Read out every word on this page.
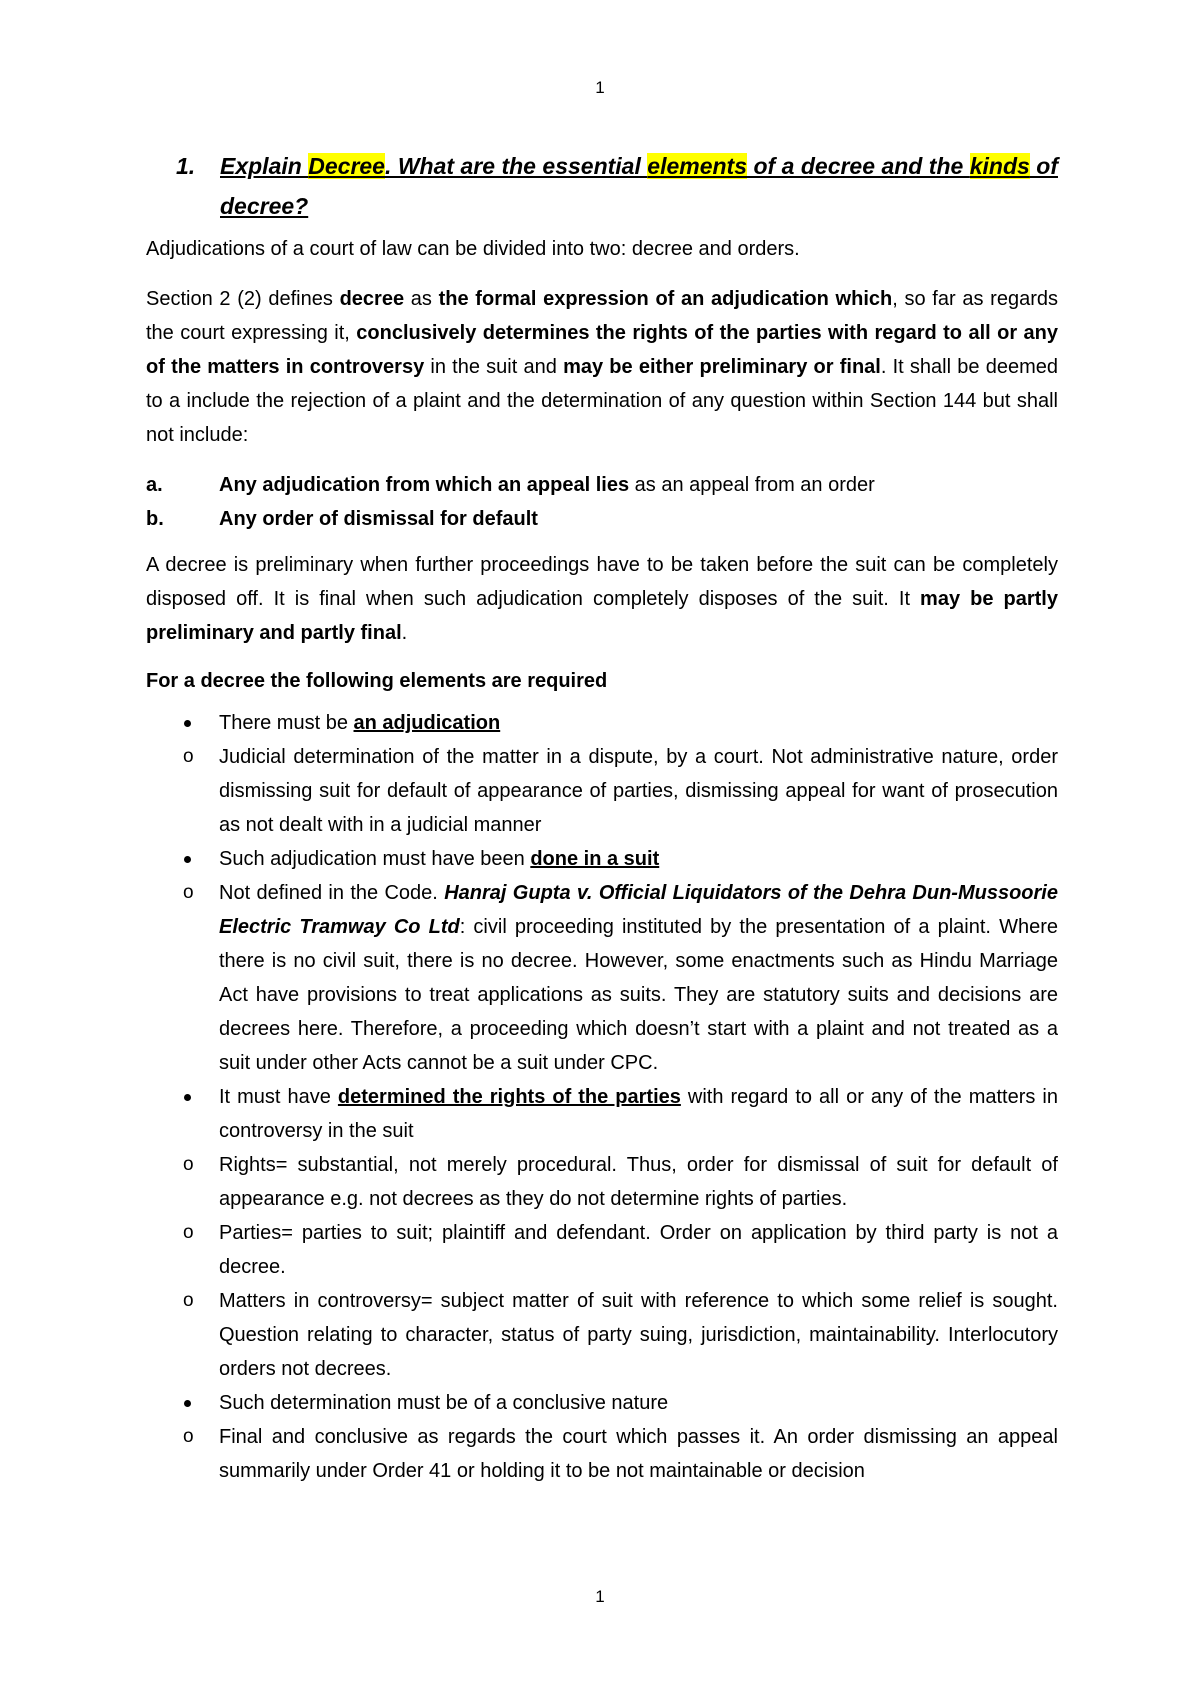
1
1. Explain Decree. What are the essential elements of a decree and the kinds of decree?

Adjudications of a court of law can be divided into two: decree and orders.

Section 2 (2) defines decree as the formal expression of an adjudication which, so far as regards the court expressing it, conclusively determines the rights of the parties with regard to all or any of the matters in controversy in the suit and may be either preliminary or final. It shall be deemed to a include the rejection of a plaint and the determination of any question within Section 144 but shall not include:

a.	Any adjudication from which an appeal lies as an appeal from an order
b.	Any order of dismissal for default

A decree is preliminary when further proceedings have to be taken before the suit can be completely disposed off. It is final when such adjudication completely disposes of the suit. It may be partly preliminary and partly final.

For a decree the following elements are required

There must be an adjudication
Judicial determination of the matter in a dispute, by a court. Not administrative nature, order dismissing suit for default of appearance of parties, dismissing appeal for want of prosecution as not dealt with in a judicial manner
Such adjudication must have been done in a suit
Not defined in the Code. Hanraj Gupta v. Official Liquidators of the Dehra Dun-Mussoorie Electric Tramway Co Ltd: civil proceeding instituted by the presentation of a plaint. Where there is no civil suit, there is no decree. However, some enactments such as Hindu Marriage Act have provisions to treat applications as suits. They are statutory suits and decisions are decrees here. Therefore, a proceeding which doesn’t start with a plaint and not treated as a suit under other Acts cannot be a suit under CPC.
It must have determined the rights of the parties with regard to all or any of the matters in controversy in the suit
Rights= substantial, not merely procedural. Thus, order for dismissal of suit for default of appearance e.g. not decrees as they do not determine rights of parties.
Parties= parties to suit; plaintiff and defendant. Order on application by third party is not a decree.
Matters in controversy= subject matter of suit with reference to which some relief is sought. Question relating to character, status of party suing, jurisdiction, maintainability. Interlocutory orders not decrees.
Such determination must be of a conclusive nature
Final and conclusive as regards the court which passes it. An order dismissing an appeal summarily under Order 41 or holding it to be not maintainable or decision
1
